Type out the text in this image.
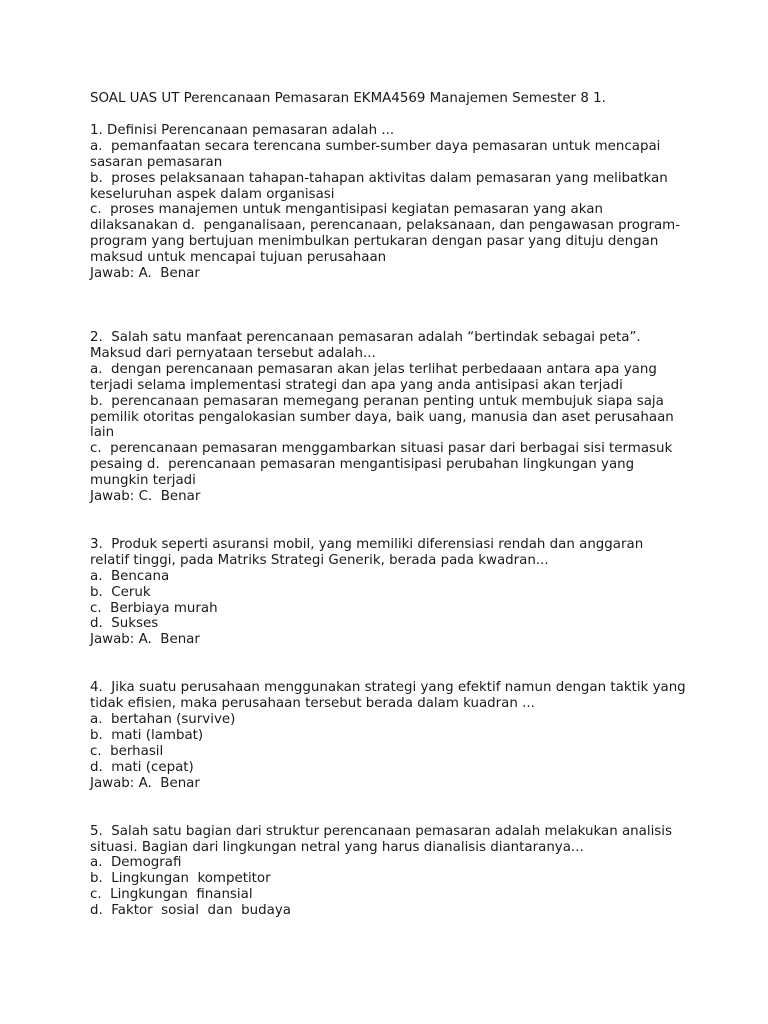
SOAL UAS UT Perencanaan Pemasaran EKMA4569 Manajemen Semester 8 1.
1. Definisi Perencanaan pemasaran adalah ...
a.  pemanfaatan secara terencana sumber-sumber daya pemasaran untuk mencapai
sasaran pemasaran
b.  proses pelaksanaan tahapan-tahapan aktivitas dalam pemasaran yang melibatkan
keseluruhan aspek dalam organisasi
c.  proses manajemen untuk mengantisipasi kegiatan pemasaran yang akan
dilaksanakan d.  penganalisaan, perencanaan, pelaksanaan, dan pengawasan program-
program yang bertujuan menimbulkan pertukaran dengan pasar yang dituju dengan
maksud untuk mencapai tujuan perusahaan
Jawab: A.  Benar
2.  Salah satu manfaat perencanaan pemasaran adalah “bertindak sebagai peta”.
Maksud dari pernyataan tersebut adalah...
a.  dengan perencanaan pemasaran akan jelas terlihat perbedaaan antara apa yang
terjadi selama implementasi strategi dan apa yang anda antisipasi akan terjadi
b.  perencanaan pemasaran memegang peranan penting untuk membujuk siapa saja
pemilik otoritas pengalokasian sumber daya, baik uang, manusia dan aset perusahaan
lain
c.  perencanaan pemasaran menggambarkan situasi pasar dari berbagai sisi termasuk
pesaing d.  perencanaan pemasaran mengantisipasi perubahan lingkungan yang
mungkin terjadi
Jawab: C.  Benar
3.  Produk seperti asuransi mobil, yang memiliki diferensiasi rendah dan anggaran
relatif tinggi, pada Matriks Strategi Generik, berada pada kwadran...
a.  Bencana
b.  Ceruk
c.  Berbiaya murah
d.  Sukses
Jawab: A.  Benar
4.  Jika suatu perusahaan menggunakan strategi yang efektif namun dengan taktik yang
tidak efisien, maka perusahaan tersebut berada dalam kuadran ...
a.  bertahan (survive)
b.  mati (lambat)
c.  berhasil
d.  mati (cepat)
Jawab: A.  Benar
5.  Salah satu bagian dari struktur perencanaan pemasaran adalah melakukan analisis
situasi. Bagian dari lingkungan netral yang harus dianalisis diantaranya...
a.  Demografi
b.  Lingkungan  kompetitor
c.  Lingkungan  finansial
d.  Faktor  sosial  dan  budaya
